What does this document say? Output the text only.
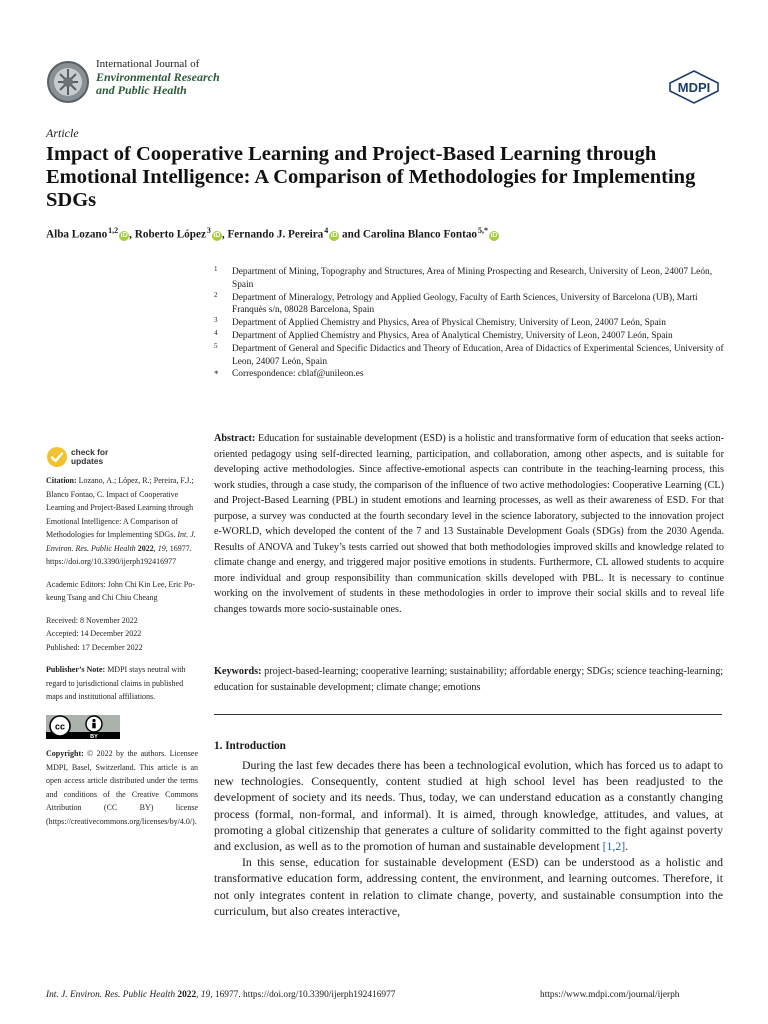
International Journal of
Environmental Research
and Public Health	MDPI
Article
Impact of Cooperative Learning and Project-Based Learning through Emotional Intelligence: A Comparison of Methodologies for Implementing SDGs
Alba Lozano $^{1,2}$iD , Roberto López $^3$iD , Fernando J. Pereira $^4$iD and Carolina Blanco Fontao $^{5,*}$iD
1 Department of Mining, Topography and Structures, Area of Mining Prospecting and Research, University of Leon, 24007 León, Spain
2 Department of Mineralogy, Petrology and Applied Geology, Faculty of Earth Sciences, University of Barcelona (UB), Martí Franquès s/n, 08028 Barcelona, Spain
3 Department of Applied Chemistry and Physics, Area of Physical Chemistry, University of Leon, 24007 León, Spain
4 Department of Applied Chemistry and Physics, Area of Analytical Chemistry, University of Leon, 24007 León, Spain
5 Department of General and Specific Didactics and Theory of Education, Area of Didactics of Experimental Sciences, University of Leon, 24007 León, Spain
* Correspondence: cblaf@unileon.es
check for
updates
Citation: Lozano, A.; López, R.; Pereira, F.J.; Blanco Fontao, C. Impact of Cooperative Learning and Project-Based Learning through Emotional Intelligence: A Comparison of Methodologies for Implementing SDGs. Int. J. Environ. Res. Public Health 2022, 19, 16977. https://doi.org/10.3390/ijerph192416977
Academic Editors: John Chi Kin Lee, Eric Po-keung Tsang and Chi Chiu Cheang
Received: 8 November 2022
Accepted: 14 December 2022
Published: 17 December 2022
Publisher’s Note: MDPI stays neutral with regard to jurisdictional claims in published maps and institutional affiliations.
cc
BY
Copyright: © 2022 by the authors. Licensee MDPI, Basel, Switzerland. This article is an open access article distributed under the terms and conditions of the Creative Commons Attribution (CC BY) license (https://creativecommons.org/licenses/by/4.0/).
Abstract: Education for sustainable development (ESD) is a holistic and transformative form of education that seeks action-oriented pedagogy using self-directed learning, participation, and collaboration, among other aspects, and is suitable for developing active methodologies. Since affective-emotional aspects can contribute in the teaching-learning process, this work studies, through a case study, the comparison of the influence of two active methodologies: Cooperative Learning (CL) and Project-Based Learning (PBL) in student emotions and learning processes, as well as their awareness of ESD. For that purpose, a survey was conducted at the fourth secondary level in the science laboratory, subjected to the innovation project e-WORLD, which developed the content of the 7 and 13 Sustainable Development Goals (SDGs) from the 2030 Agenda. Results of ANOVA and Tukey’s tests carried out showed that both methodologies improved skills and knowledge related to climate change and energy, and triggered major positive emotions in students. Furthermore, CL allowed students to acquire more individual and group responsibility than communication skills developed with PBL. It is necessary to continue working on the involvement of students in these methodologies in order to improve their social skills and to reveal life changes towards more socio-sustainable ones.
Keywords: project-based-learning; cooperative learning; sustainability; affordable energy; SDGs; science teaching-learning; education for sustainable development; climate change; emotions
1. Introduction

During the last few decades there has been a technological evolution, which has forced us to adapt to new technologies. Consequently, content studied at high school level has been readjusted to the development of society and its needs. Thus, today, we can understand education as a constantly changing process (formal, non-formal, and informal). It is aimed, through knowledge, attitudes, and values, at promoting a global citizenship that generates a culture of solidarity committed to the fight against poverty and exclusion, as well as to the promotion of human and sustainable development [1,2].

In this sense, education for sustainable development (ESD) can be understood as a holistic and transformative education form, addressing content, the environment, and learning outcomes. Therefore, it not only integrates content in relation to climate change, poverty, and sustainable consumption into the curriculum, but also creates interactive,

Int. J. Environ. Res. Public Health 2022, 19, 16977. https://doi.org/10.3390/ijerph192416977	https://www.mdpi.com/journal/ijerph
